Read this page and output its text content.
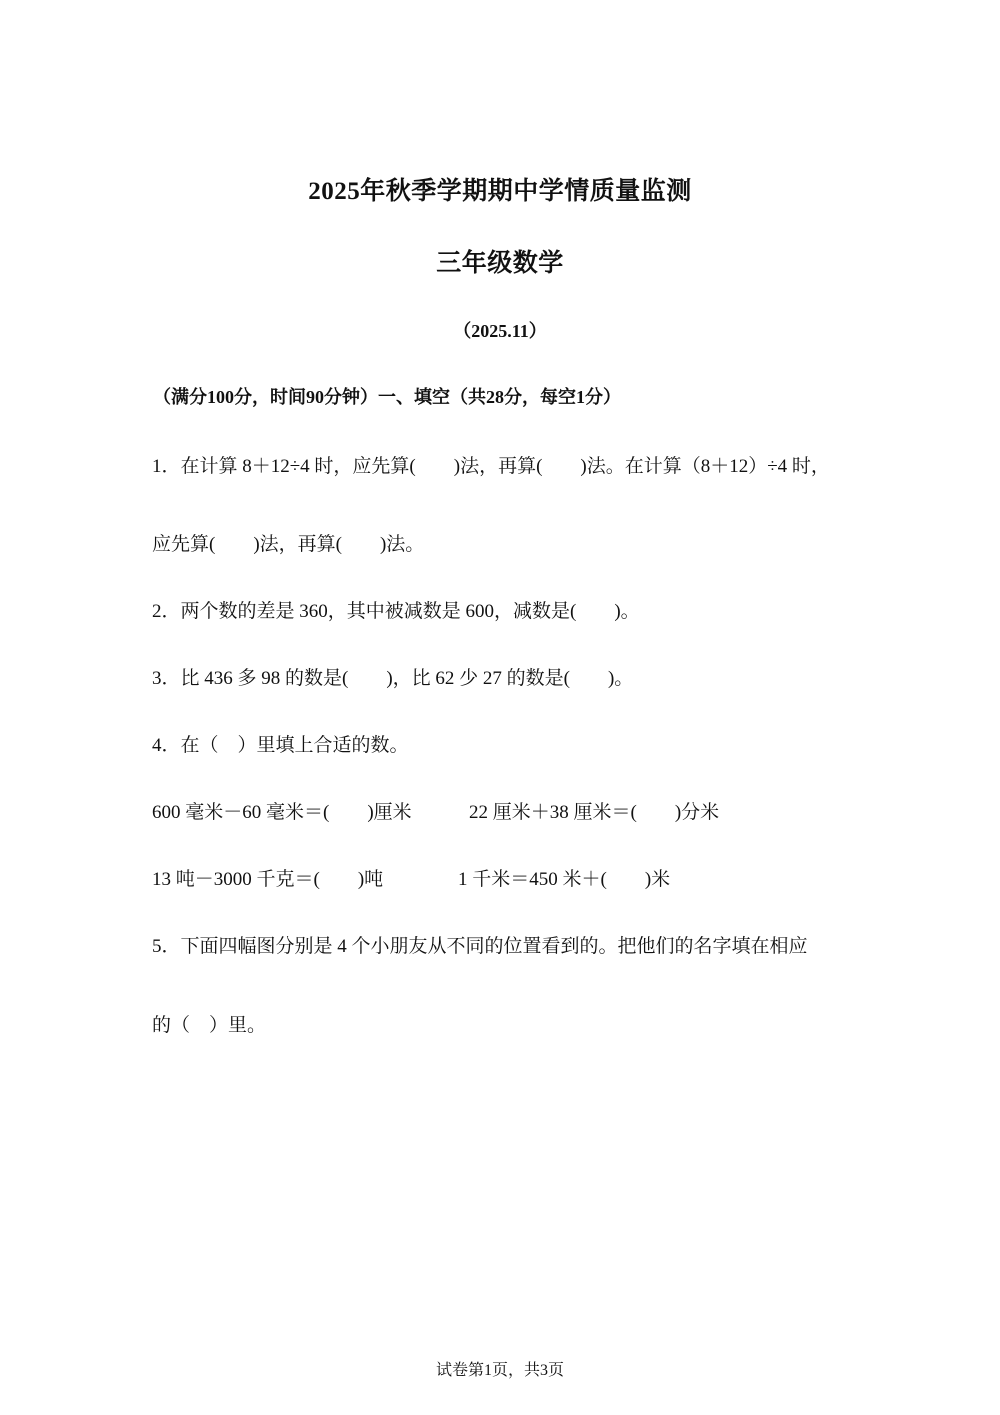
2025年秋季学期期中学情质量监测
三年级数学
（2025.11）
（满分100分，时间90分钟）一、填空（共28分，每空1分）
1．在计算 8＋12÷4 时，应先算(　　)法，再算(　　)法。在计算（8＋12）÷4 时，
应先算(　　)法，再算(　　)法。
2．两个数的差是 360，其中被减数是 600，减数是(　　)。
3．比 436 多 98 的数是(　　)，比 62 少 27 的数是(　　)。
4．在（　）里填上合适的数。
600 毫米－60 毫米＝(　　)厘米	22 厘米＋38 厘米＝(　　)分米
13 吨－3000 千克＝(　　)吨	1 千米＝450 米＋(　　)米
5．下面四幅图分别是 4 个小朋友从不同的位置看到的。把他们的名字填在相应
的（　）里。
试卷第1页，共3页
